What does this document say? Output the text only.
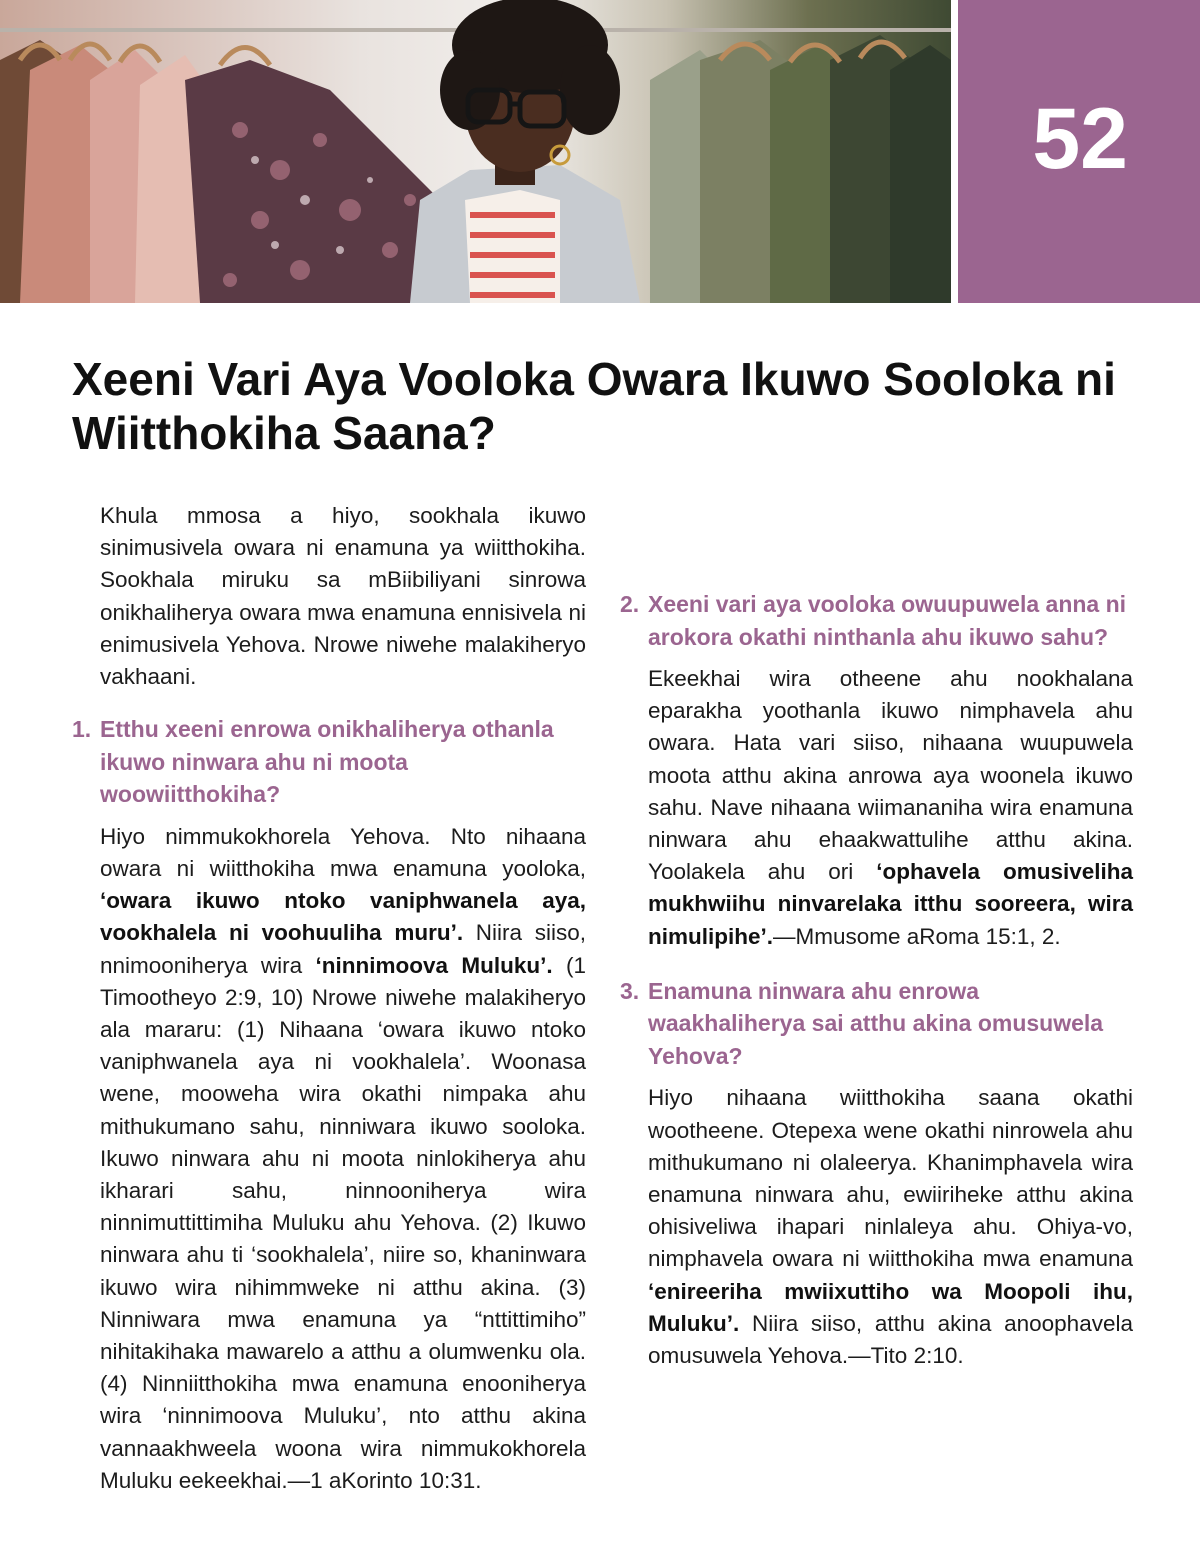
52
Xeeni Vari Aya Vooloka Owara Ikuwo Sooloka ni Wiitthokiha Saana?

Khula mmosa a hiyo, sookhala ikuwo sinimusivela owara ni enamuna ya wiitthokiha. Sookhala miruku sa mBiibiliyani sinrowa onikhaliherya owara mwa enamuna ennisivela ni enimusivela Yehova. Nrowe niwehe malakiheryo vakhaani.

1. Etthu xeeni enrowa onikhaliherya othanla ikuwo ninwara ahu ni moota woowiitthokiha?

Hiyo nimmukokhorela Yehova. Nto nihaana owara ni wiitthokiha mwa enamuna yooloka, ‘owara ikuwo ntoko vaniphwanela aya, vookhalela ni voohuuliha muru’. Niira siiso, nnimooniherya wira ‘ninnimoova Muluku’. (1 Timootheyo 2:9, 10) Nrowe niwehe malakiheryo ala mararu: (1) Nihaana ‘owara ikuwo ntoko vaniphwanela aya ni vookhalela’. Woonasa wene, mooweha wira okathi nimpaka ahu mithukumano sahu, ninniwara ikuwo sooloka. Ikuwo ninwara ahu ni moota ninlokiherya ahu ikharari sahu, ninnooniherya wira ninnimuttittimiha Muluku ahu Yehova. (2) Ikuwo ninwara ahu ti ‘sookhalela’, niire so, khaninwara ikuwo wira nihimmweke ni atthu akina. (3) Ninniwara mwa enamuna ya “nttittimiho” nihitakihaka mawarelo a atthu a olumwenku ola. (4) Ninniitthokiha mwa enamuna enooniherya wira ‘ninnimoova Muluku’, nto atthu akina vannaakhweela woona wira nimmukokhorela Muluku eekeekhai.—1 aKorinto 10:31.

2. Xeeni vari aya vooloka owuupuwela anna ni arokora okathi ninthanla ahu ikuwo sahu?

Ekeekhai wira otheene ahu nookhalana eparakha yoothanla ikuwo nimphavela ahu owara. Hata vari siiso, nihaana wuupuwela moota atthu akina anrowa aya woonela ikuwo sahu. Nave nihaana wiimananiha wira enamuna ninwara ahu ehaakwattulihe atthu akina. Yoolakela ahu ori ‘ophavela omusiveliha mukhwiihu ninvarelaka itthu sooreera, wira nimulipihe’.—Mmusome aRoma 15:1, 2.

3. Enamuna ninwara ahu enrowa waakhaliherya sai atthu akina omusuwela Yehova?

Hiyo nihaana wiitthokiha saana okathi wootheene. Otepexa wene okathi ninrowela ahu mithukumano ni olaleerya. Khanimphavela wira enamuna ninwara ahu, ewiiriheke atthu akina ohisiveliwa ihapari ninlaleya ahu. Ohiya-vo, nimphavela owara ni wiitthokiha mwa enamuna ‘enireeriha mwiixuttiho wa Moopoli ihu, Muluku’. Niira siiso, atthu akina anoophavela omusuwela Yehova.—Tito 2:10.
